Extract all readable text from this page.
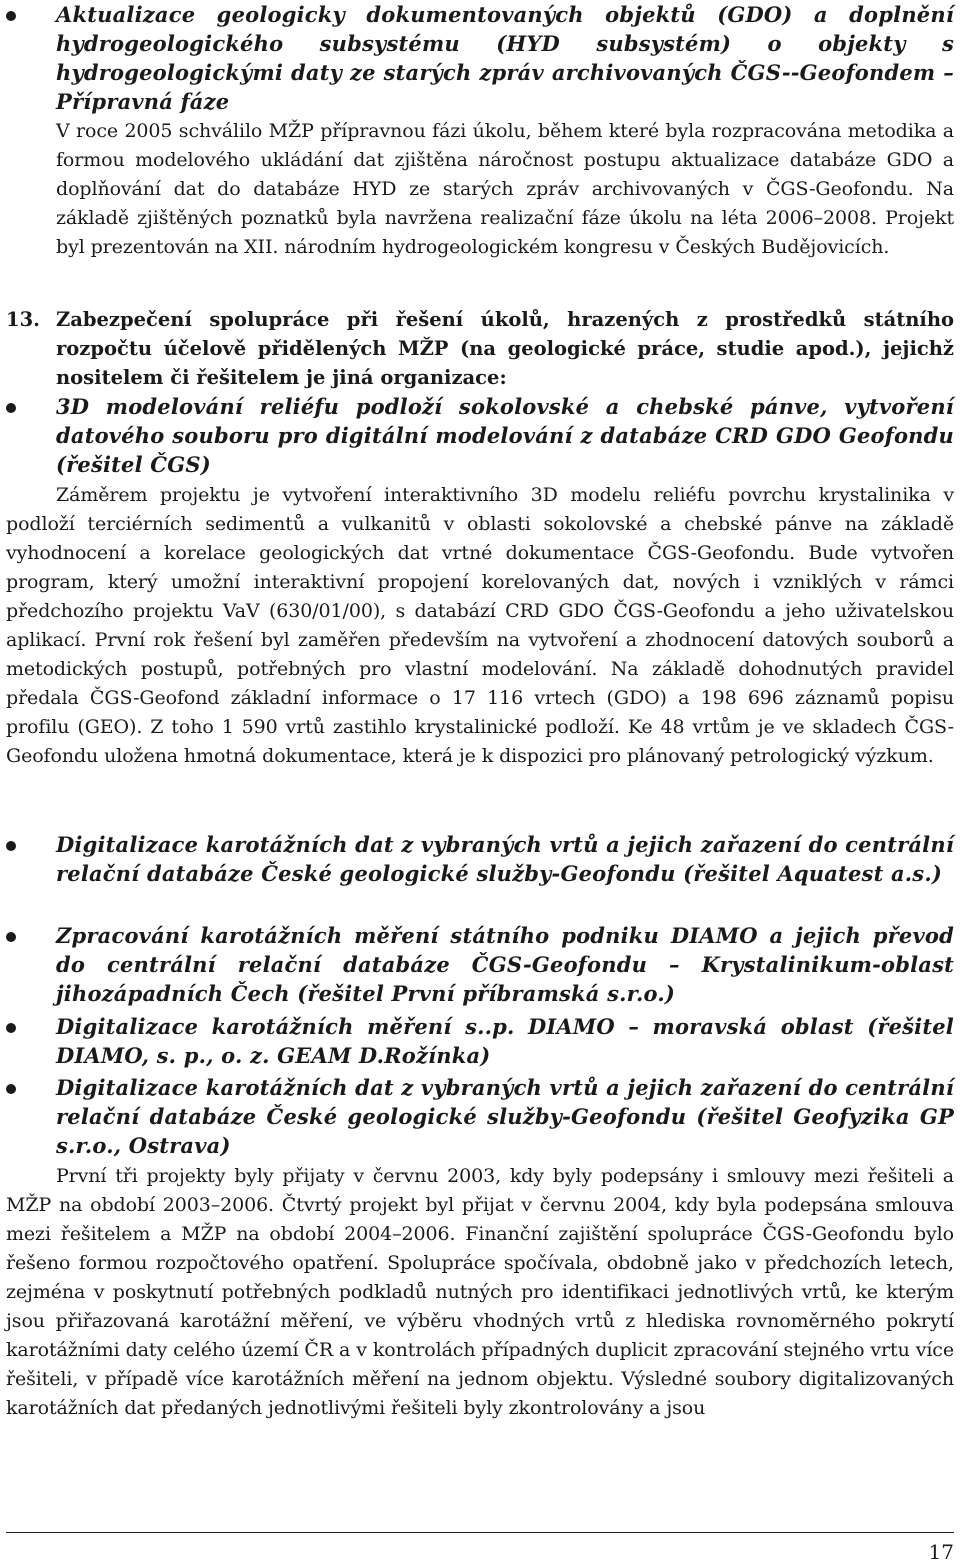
Aktualizace geologicky dokumentovaných objektů (GDO) a doplnění hydrogeologického subsystému (HYD subsystém) o objekty s hydrogeologickými daty ze starých zpráv archivovaných ČGS--Geofondem – Přípravná fáze

V roce 2005 schválilo MŽP přípravnou fázi úkolu, během které byla rozpracována metodika a formou modelového ukládání dat zjištěna náročnost postupu aktualizace databáze GDO a doplňování dat do databáze HYD ze starých zpráv archivovaných v ČGS-Geofondu. Na základě zjištěných poznatků byla navržena realizační fáze úkolu na léta 2006–2008. Projekt byl prezentován na XII. národním hydrogeologickém kongresu v Českých Budějovicích.

13. Zabezpečení spolupráce při řešení úkolů, hrazených z prostředků státního rozpočtu účelově přidělených MŽP (na geologické práce, studie apod.), jejichž nositelem či řešitelem je jiná organizace:
3D modelování reliéfu podloží sokolovské a chebské pánve, vytvoření datového souboru pro digitální modelování z databáze CRD GDO Geofondu (řešitel ČGS)

Záměrem projektu je vytvoření interaktivního 3D modelu reliéfu povrchu krystalinika v podloží terciérních sedimentů a vulkanitů v oblasti sokolovské a chebské pánve na základě vyhodnocení a korelace geologických dat vrtné dokumentace ČGS-Geofondu. Bude vytvořen program, který umožní interaktivní propojení korelovaných dat, nových i vzniklých v rámci předchozího projektu VaV (630/01/00), s databází CRD GDO ČGS-Geofondu a jeho uživatelskou aplikací. První rok řešení byl zaměřen především na vytvoření a zhodnocení datových souborů a metodických postupů, potřebných pro vlastní modelování. Na základě dohodnutých pravidel předala ČGS-Geofond základní informace o 17 116 vrtech (GDO) a 198 696 záznamů popisu profilu (GEO). Z toho 1 590 vrtů zastihlo krystalinické podloží. Ke 48 vrtům je ve skladech ČGS-Geofondu uložena hmotná dokumentace, která je k dispozici pro plánovaný petrologický výzkum.

Digitalizace karotážních dat z vybraných vrtů a jejich zařazení do centrální relační databáze České geologické služby-Geofondu (řešitel Aquatest a.s.)
Zpracování karotážních měření státního podniku DIAMO a jejich převod do centrální relační databáze ČGS-Geofondu – Krystalinikum-oblast jihozápadních Čech (řešitel První příbramská s.r.o.)
Digitalizace karotážních měření s..p. DIAMO – moravská oblast (řešitel DIAMO, s. p., o. z. GEAM D.Rožínka)
Digitalizace karotážních dat z vybraných vrtů a jejich zařazení do centrální relační databáze České geologické služby-Geofondu (řešitel Geofyzika GP s.r.o., Ostrava)

První tři projekty byly přijaty v červnu 2003, kdy byly podepsány i smlouvy mezi řešiteli a MŽP na období 2003–2006. Čtvrtý projekt byl přijat v červnu 2004, kdy byla podepsána smlouva mezi řešitelem a MŽP na období 2004–2006. Finanční zajištění spolupráce ČGS-Geofondu bylo řešeno formou rozpočtového opatření. Spolupráce spočívala, obdobně jako v předchozích letech, zejména v poskytnutí potřebných podkladů nutných pro identifikaci jednotlivých vrtů, ke kterým jsou přiřazovaná karotážní měření, ve výběru vhodných vrtů z hlediska rovnoměrného pokrytí karotážními daty celého území ČR a v kontrolách případných duplicit zpracování stejného vrtu více řešiteli, v případě více karotážních měření na jednom objektu. Výsledné soubory digitalizovaných karotážních dat předaných jednotlivými řešiteli byly zkontrolovány a jsou

17
